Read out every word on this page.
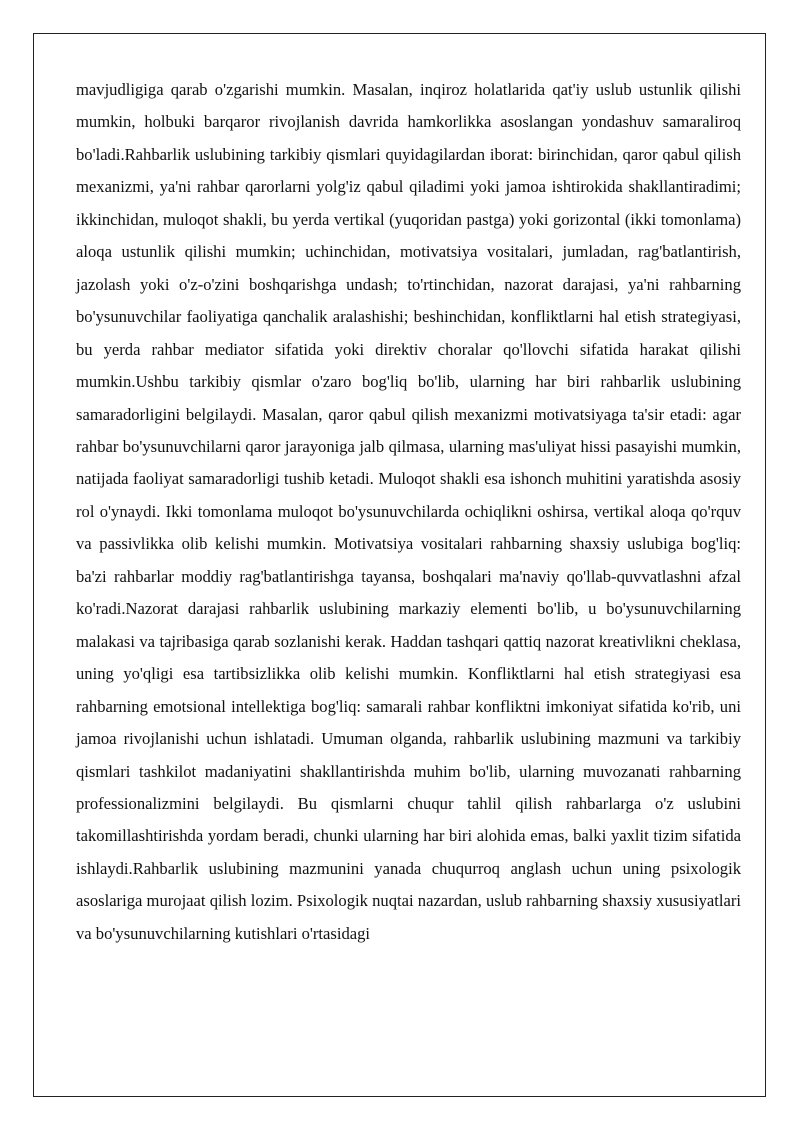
mavjudligiga qarab o'zgarishi mumkin. Masalan, inqiroz holatlarida qat'iy uslub ustunlik qilishi mumkin, holbuki barqaror rivojlanish davrida hamkorlikka asoslangan yondashuv samaraliroq bo'ladi.Rahbarlik uslubining tarkibiy qismlari quyidagilardan iborat: birinchidan, qaror qabul qilish mexanizmi, ya'ni rahbar qarorlarni yolg'iz qabul qiladimi yoki jamoa ishtirokida shakllantiradimi; ikkinchidan, muloqot shakli, bu yerda vertikal (yuqoridan pastga) yoki gorizontal (ikki tomonlama) aloqa ustunlik qilishi mumkin; uchinchidan, motivatsiya vositalari, jumladan, rag'batlantirish, jazolash yoki o'z-o'zini boshqarishga undash; to'rtinchidan, nazorat darajasi, ya'ni rahbarning bo'ysunuvchilar faoliyatiga qanchalik aralashishi; beshinchidan, konfliktlarni hal etish strategiyasi, bu yerda rahbar mediator sifatida yoki direktiv choralar qo'llovchi sifatida harakat qilishi mumkin.Ushbu tarkibiy qismlar o'zaro bog'liq bo'lib, ularning har biri rahbarlik uslubining samaradorligini belgilaydi. Masalan, qaror qabul qilish mexanizmi motivatsiyaga ta'sir etadi: agar rahbar bo'ysunuvchilarni qaror jarayoniga jalb qilmasa, ularning mas'uliyat hissi pasayishi mumkin, natijada faoliyat samaradorligi tushib ketadi. Muloqot shakli esa ishonch muhitini yaratishda asosiy rol o'ynaydi. Ikki tomonlama muloqot bo'ysunuvchilarda ochiqlikni oshirsa, vertikal aloqa qo'rquv va passivlikka olib kelishi mumkin. Motivatsiya vositalari rahbarning shaxsiy uslubiga bog'liq: ba'zi rahbarlar moddiy rag'batlantirishga tayansa, boshqalari ma'naviy qo'llab-quvvatlashni afzal ko'radi.Nazorat darajasi rahbarlik uslubining markaziy elementi bo'lib, u bo'ysunuvchilarning malakasi va tajribasiga qarab sozlanishi kerak. Haddan tashqari qattiq nazorat kreativlikni cheklasa, uning yo'qligi esa tartibsizlikka olib kelishi mumkin. Konfliktlarni hal etish strategiyasi esa rahbarning emotsional intellektiga bog'liq: samarali rahbar konfliktni imkoniyat sifatida ko'rib, uni jamoa rivojlanishi uchun ishlatadi. Umuman olganda, rahbarlik uslubining mazmuni va tarkibiy qismlari tashkilot madaniyatini shakllantirishda muhim bo'lib, ularning muvozanati rahbarning professionalizmini belgilaydi. Bu qismlarni chuqur tahlil qilish rahbarlarga o'z uslubini takomillashtirishda yordam beradi, chunki ularning har biri alohida emas, balki yaxlit tizim sifatida ishlaydi.Rahbarlik uslubining mazmunini yanada chuqurroq anglash uchun uning psixologik asoslariga murojaat qilish lozim. Psixologik nuqtai nazardan, uslub rahbarning shaxsiy xususiyatlari va bo'ysunuvchilarning kutishlari o'rtasidagi
